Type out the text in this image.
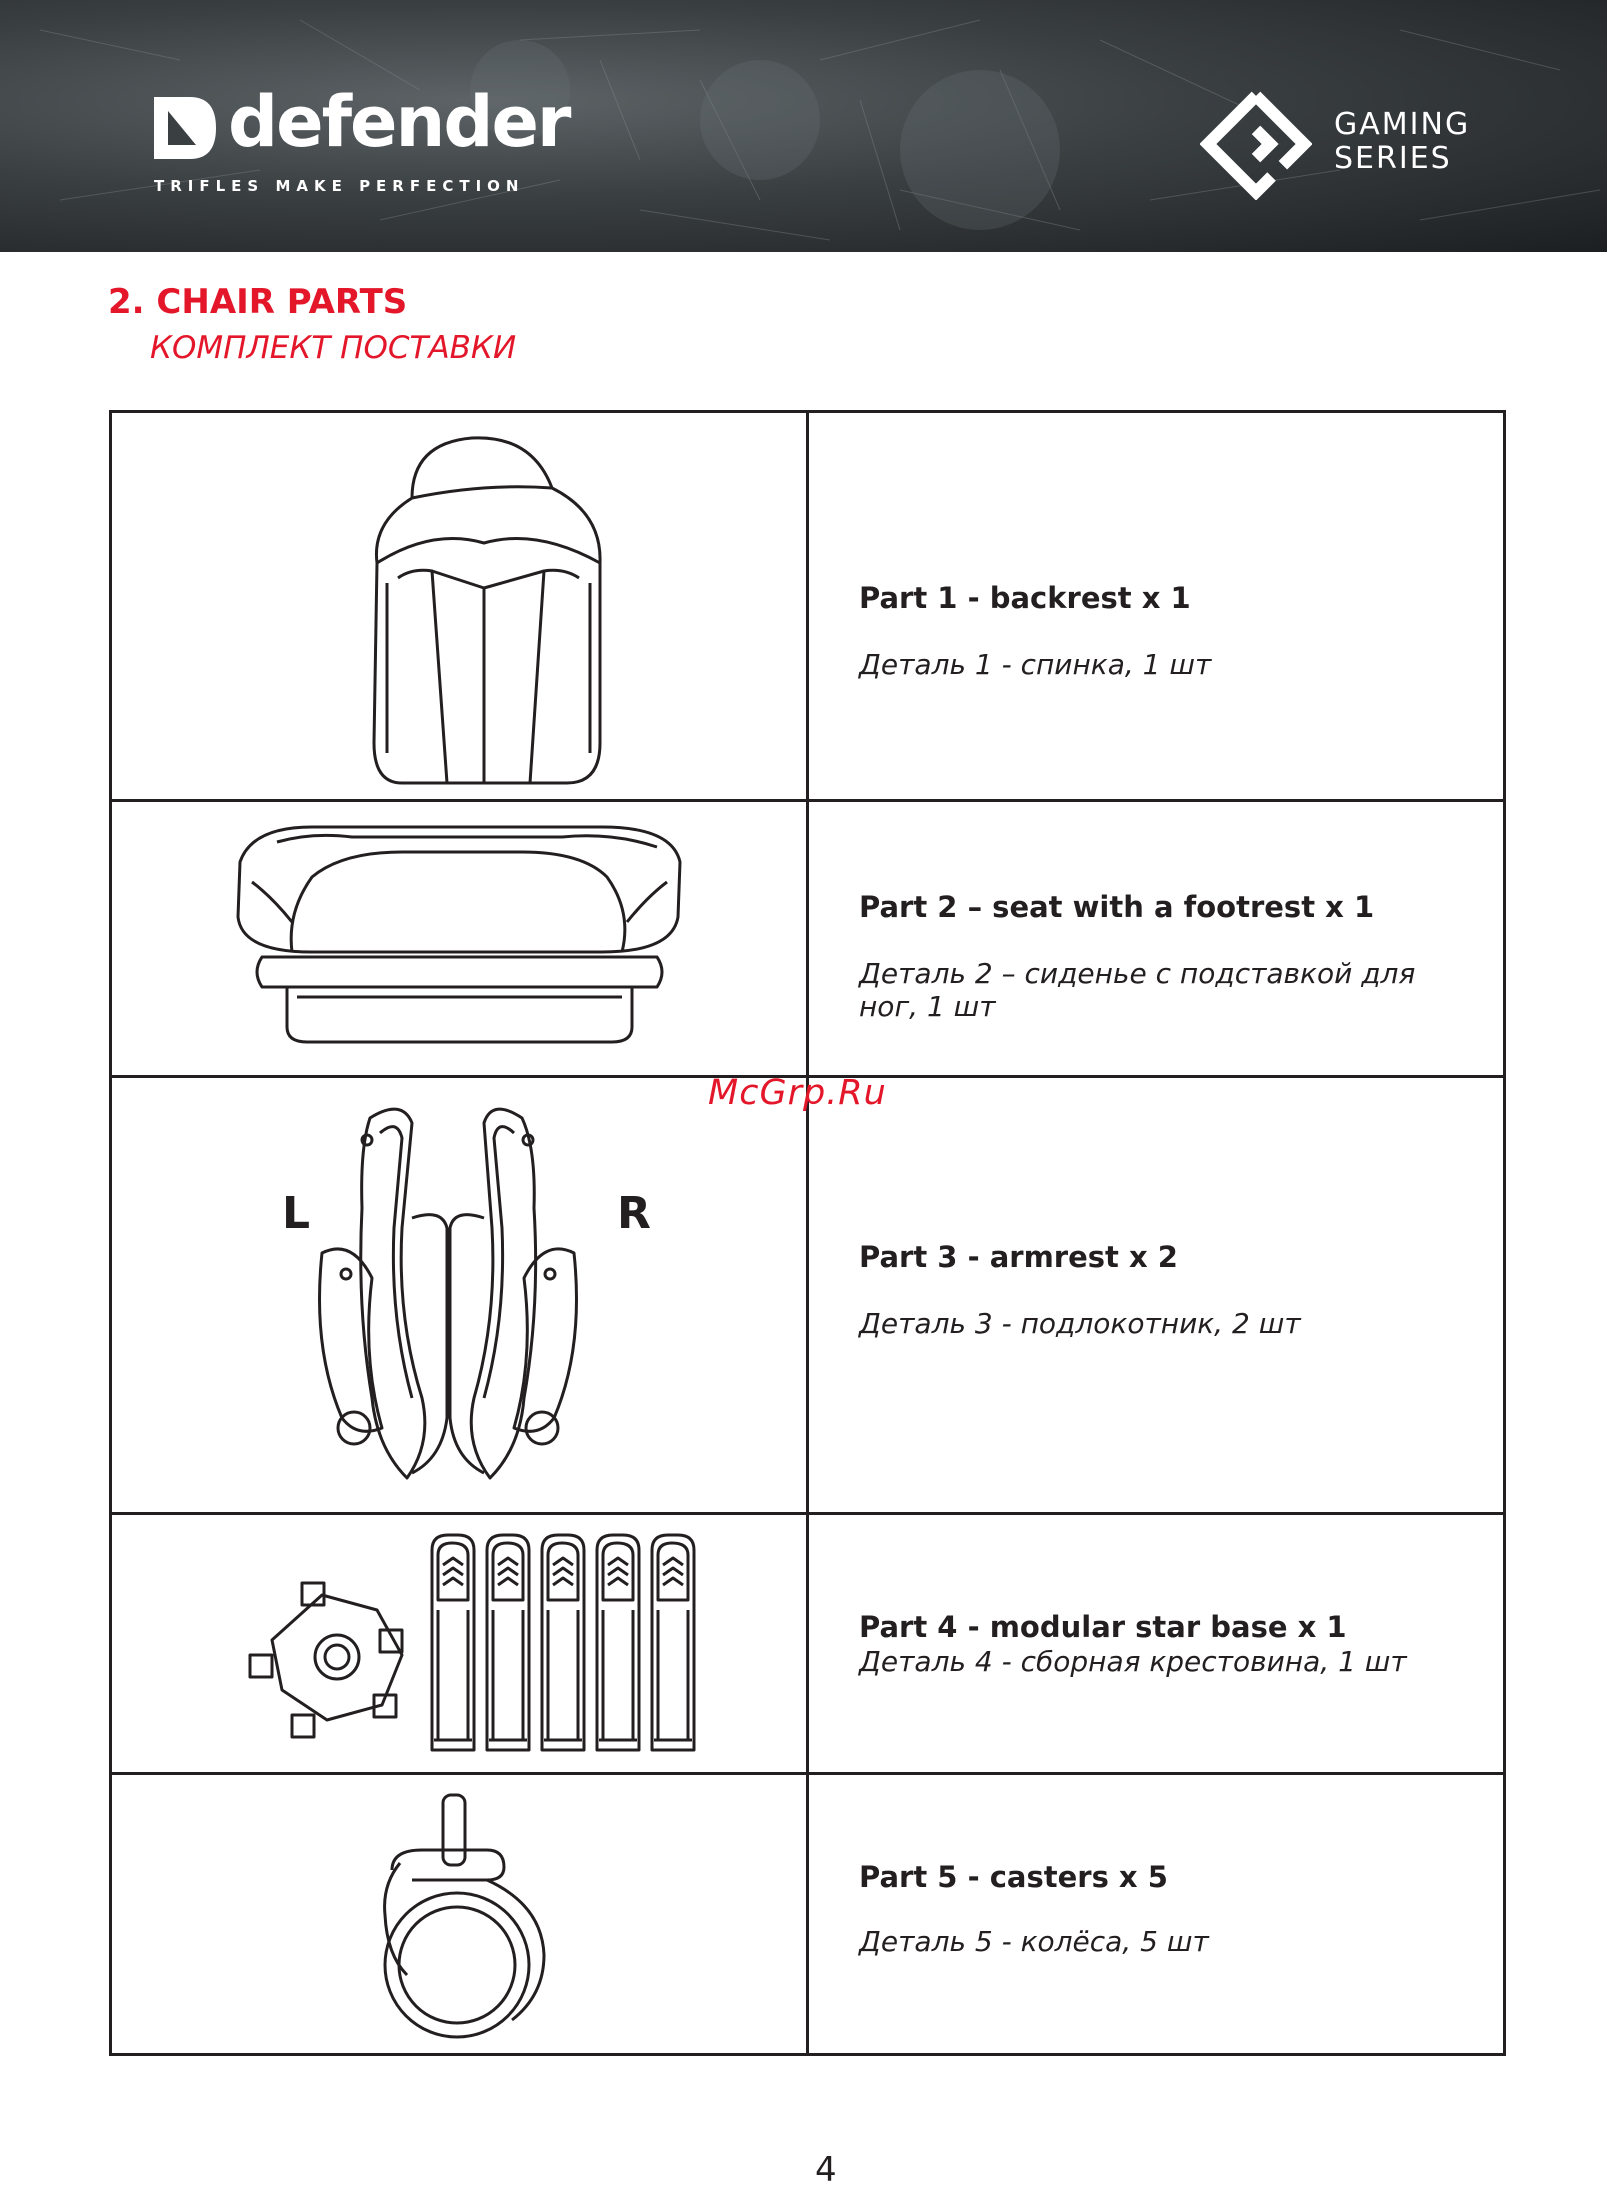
defender
TRIFLES MAKE PERFECTION
GAMING
SERIES
2. CHAIR PARTS
КОМПЛЕКТ ПОСТАВКИ
Part 1 - backrest x 1
Деталь 1 - спинка, 1 шт
Part 2 – seat with a footrest x 1
Деталь 2 – сиденье с подставкой для ног, 1 шт
L	R
Part 3 - armrest x 2
Деталь 3 - подлокотник, 2 шт
Part 4 - modular star base x 1
Деталь 4 - сборная крестовина, 1 шт
Part 5 - casters x 5
Деталь 5 - колёса, 5 шт
McGrp.Ru
4
